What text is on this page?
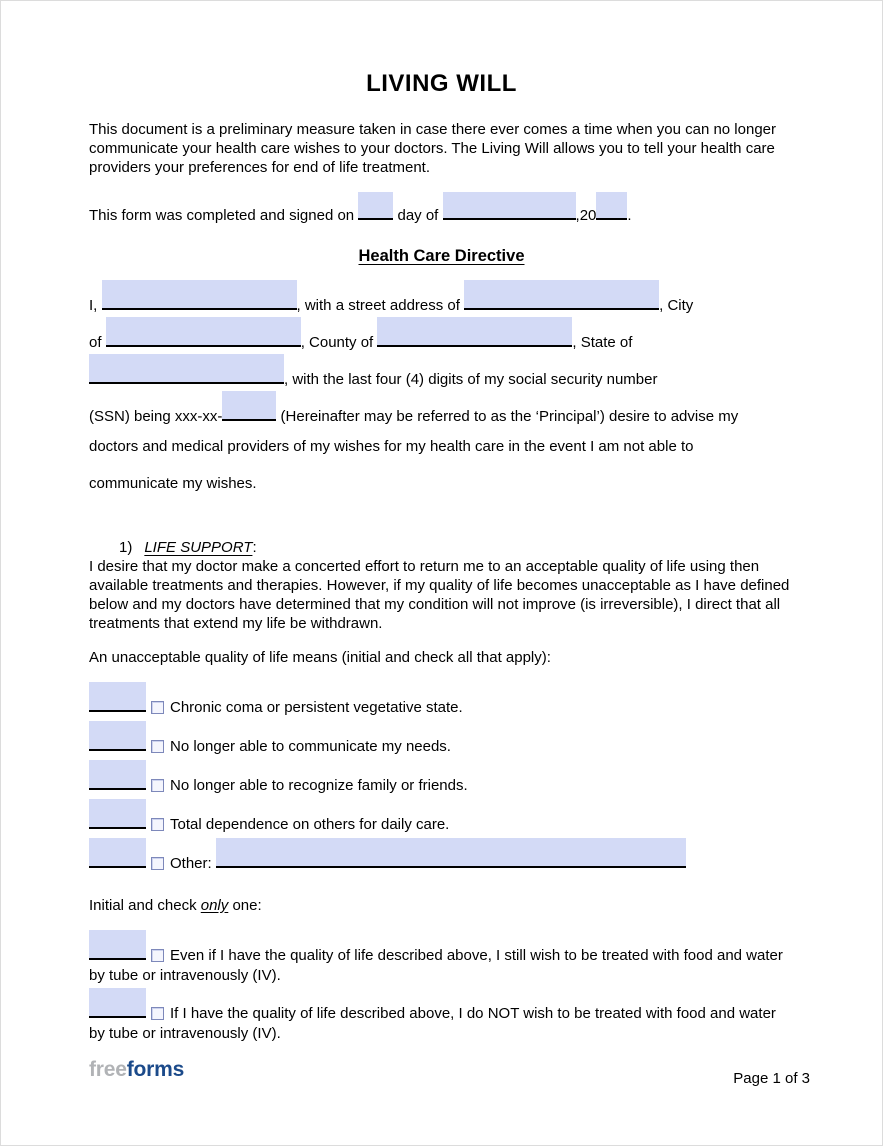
LIVING WILL

This document is a preliminary measure taken in case there ever comes a time when you can no longer communicate your health care wishes to your doctors. The Living Will allows you to tell your health care providers your preferences for end of life treatment.

This form was completed and signed on	day of	,20 .

Health Care Directive
I,	, with a street address of	, City
of	, County of	, State of
, with the last four (4) digits of my social security number
(SSN) being xxx-xx-	(Hereinafter may be referred to as the ‘Principal’) desire to advise my
doctors and medical providers of my wishes for my health care in the event I am not able to
communicate my wishes.
1) LIFE SUPPORT:

I desire that my doctor make a concerted effort to return me to an acceptable quality of life using then available treatments and therapies. However, if my quality of life becomes unacceptable as I have defined below and my doctors have determined that my condition will not improve (is irreversible), I direct that all treatments that extend my life be withdrawn.

An unacceptable quality of life means (initial and check all that apply):

Chronic coma or persistent vegetative state.
No longer able to communicate my needs.
No longer able to recognize family or friends.
Total dependence on others for daily care.
Other:

Initial and check only one:

Even if I have the quality of life described above, I still wish to be treated with food and water by tube or intravenously (IV).
If I have the quality of life described above, I do NOT wish to be treated with food and water by tube or intravenously (IV).
freeforms	Page 1 of 3
